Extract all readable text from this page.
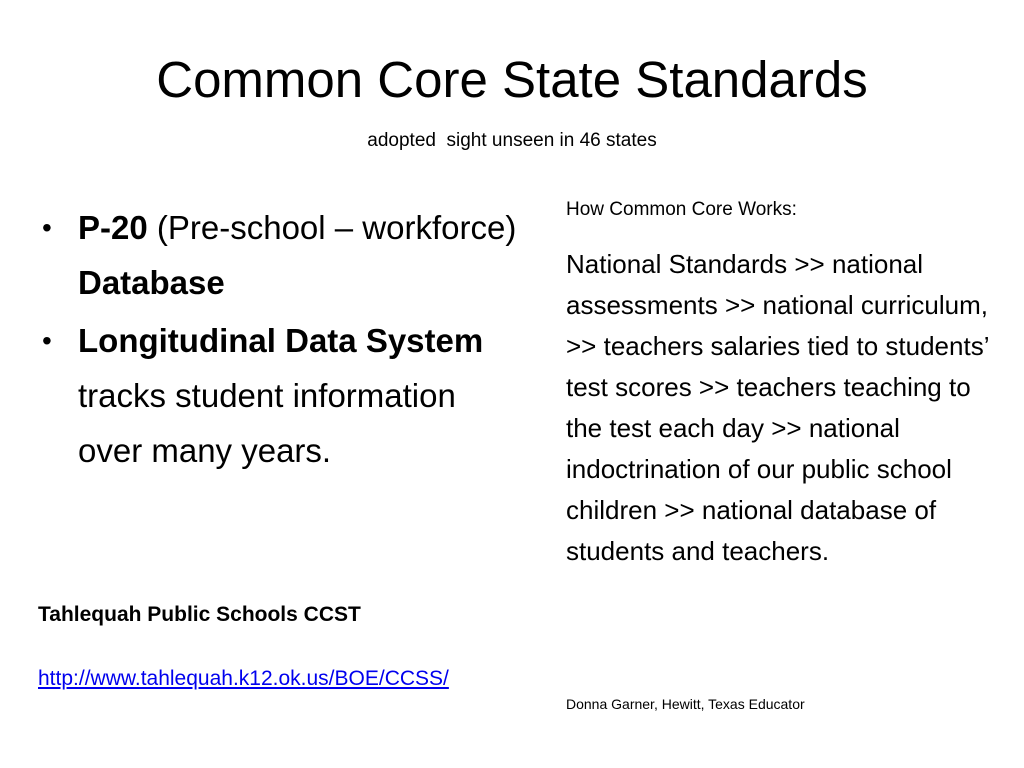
Common Core State Standards

adopted  sight unseen in 46 states

• P-20 (Pre-school – workforce) Database
• Longitudinal Data System tracks student information over many years.

Tahlequah Public Schools CCST

http://www.tahlequah.k12.ok.us/BOE/CCSS/

How Common Core Works:

National Standards >> national assessments >> national curriculum, >> teachers salaries tied to students’ test scores >> teachers teaching to the test each day >> national indoctrination of our public school children >> national database of students and teachers.

Donna Garner, Hewitt, Texas Educator
